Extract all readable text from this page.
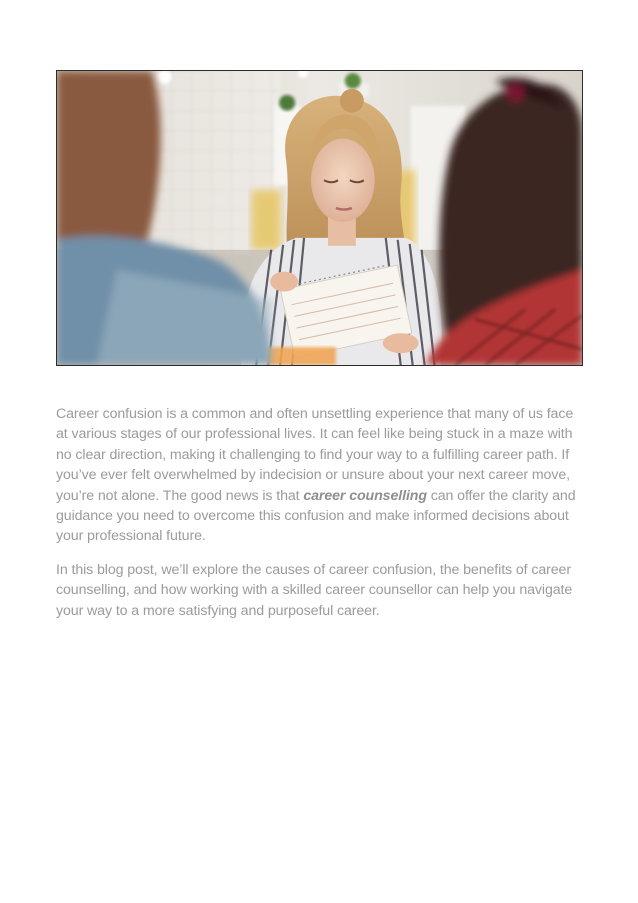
Career confusion is a common and often unsettling experience that many of us face at various stages of our professional lives. It can feel like being stuck in a maze with no clear direction, making it challenging to find your way to a fulfilling career path. If you’ve ever felt overwhelmed by indecision or unsure about your next career move, you’re not alone. The good news is that career counselling can offer the clarity and guidance you need to overcome this confusion and make informed decisions about your professional future.

In this blog post, we’ll explore the causes of career confusion, the benefits of career counselling, and how working with a skilled career counsellor can help you navigate your way to a more satisfying and purposeful career.
